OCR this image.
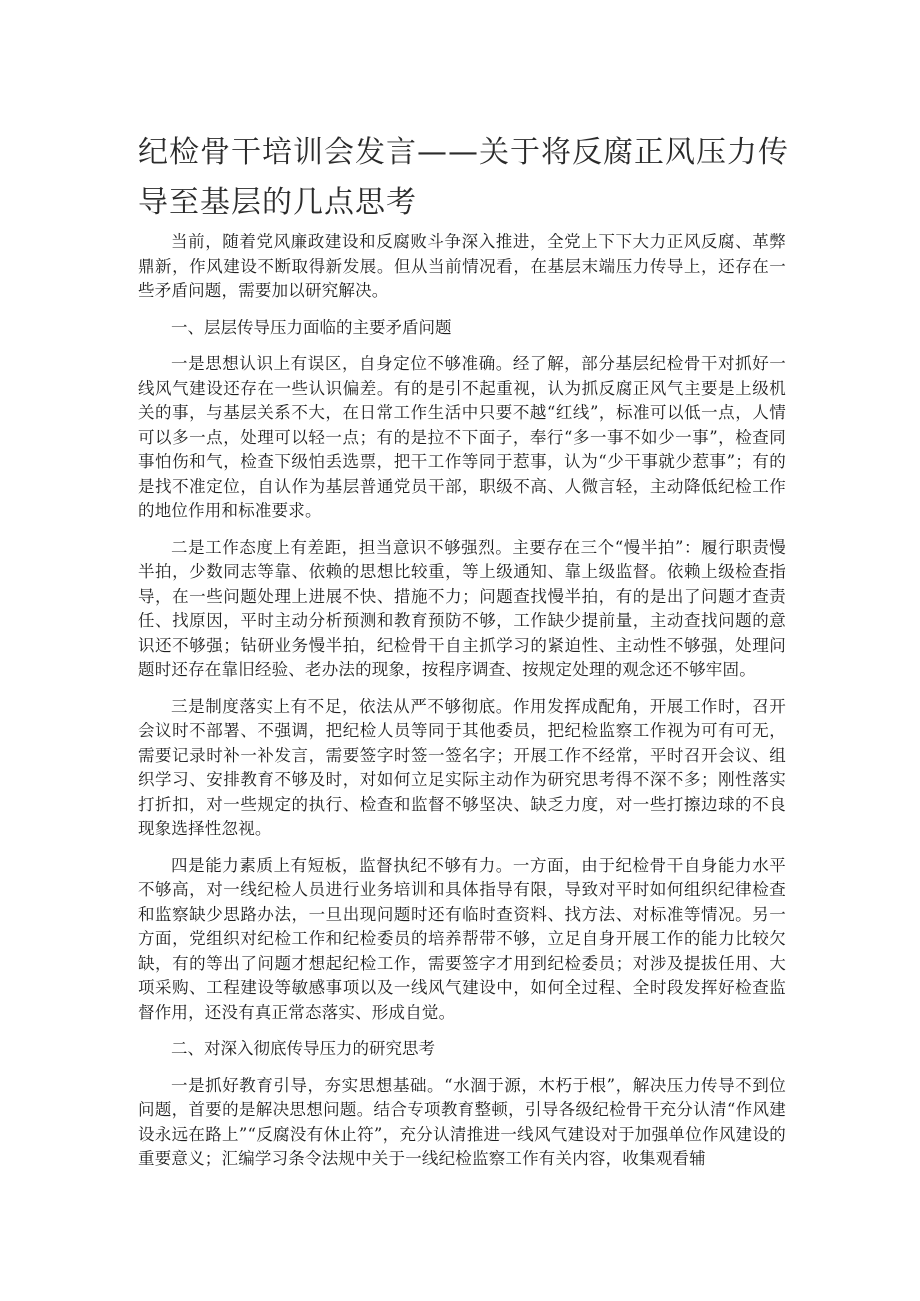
纪检骨干培训会发言——关于将反腐正风压力传导至基层的几点思考

当前，随着党风廉政建设和反腐败斗争深入推进，全党上下下大力正风反腐、革弊鼎新，作风建设不断取得新发展。但从当前情况看，在基层末端压力传导上，还存在一些矛盾问题，需要加以研究解决。

一、层层传导压力面临的主要矛盾问题

一是思想认识上有误区，自身定位不够准确。经了解，部分基层纪检骨干对抓好一线风气建设还存在一些认识偏差。有的是引不起重视，认为抓反腐正风气主要是上级机关的事，与基层关系不大，在日常工作生活中只要不越“红线”，标准可以低一点，人情可以多一点，处理可以轻一点；有的是拉不下面子，奉行“多一事不如少一事”，检查同事怕伤和气，检查下级怕丢选票，把干工作等同于惹事，认为“少干事就少惹事”；有的是找不准定位，自认作为基层普通党员干部，职级不高、人微言轻，主动降低纪检工作的地位作用和标准要求。

二是工作态度上有差距，担当意识不够强烈。主要存在三个“慢半拍”：履行职责慢半拍，少数同志等靠、依赖的思想比较重，等上级通知、靠上级监督。依赖上级检查指导，在一些问题处理上进展不快、措施不力；问题查找慢半拍，有的是出了问题才查责任、找原因，平时主动分析预测和教育预防不够，工作缺少提前量，主动查找问题的意识还不够强；钻研业务慢半拍，纪检骨干自主抓学习的紧迫性、主动性不够强，处理问题时还存在靠旧经验、老办法的现象，按程序调查、按规定处理的观念还不够牢固。

三是制度落实上有不足，依法从严不够彻底。作用发挥成配角，开展工作时，召开会议时不部署、不强调，把纪检人员等同于其他委员，把纪检监察工作视为可有可无，需要记录时补一补发言，需要签字时签一签名字；开展工作不经常，平时召开会议、组织学习、安排教育不够及时，对如何立足实际主动作为研究思考得不深不多；刚性落实打折扣，对一些规定的执行、检查和监督不够坚决、缺乏力度，对一些打擦边球的不良现象选择性忽视。

四是能力素质上有短板，监督执纪不够有力。一方面，由于纪检骨干自身能力水平不够高，对一线纪检人员进行业务培训和具体指导有限，导致对平时如何组织纪律检查和监察缺少思路办法，一旦出现问题时还有临时查资料、找方法、对标准等情况。另一方面，党组织对纪检工作和纪检委员的培养帮带不够，立足自身开展工作的能力比较欠缺，有的等出了问题才想起纪检工作，需要签字才用到纪检委员；对涉及提拔任用、大项采购、工程建设等敏感事项以及一线风气建设中，如何全过程、全时段发挥好检查监督作用，还没有真正常态落实、形成自觉。

二、对深入彻底传导压力的研究思考

一是抓好教育引导，夯实思想基础。“水涸于源，木朽于根”，解决压力传导不到位问题，首要的是解决思想问题。结合专项教育整顿，引导各级纪检骨干充分认清“作风建设永远在路上”“反腐没有休止符”，充分认清推进一线风气建设对于加强单位作风建设的重要意义；汇编学习条令法规中关于一线纪检监察工作有关内容，收集观看辅
